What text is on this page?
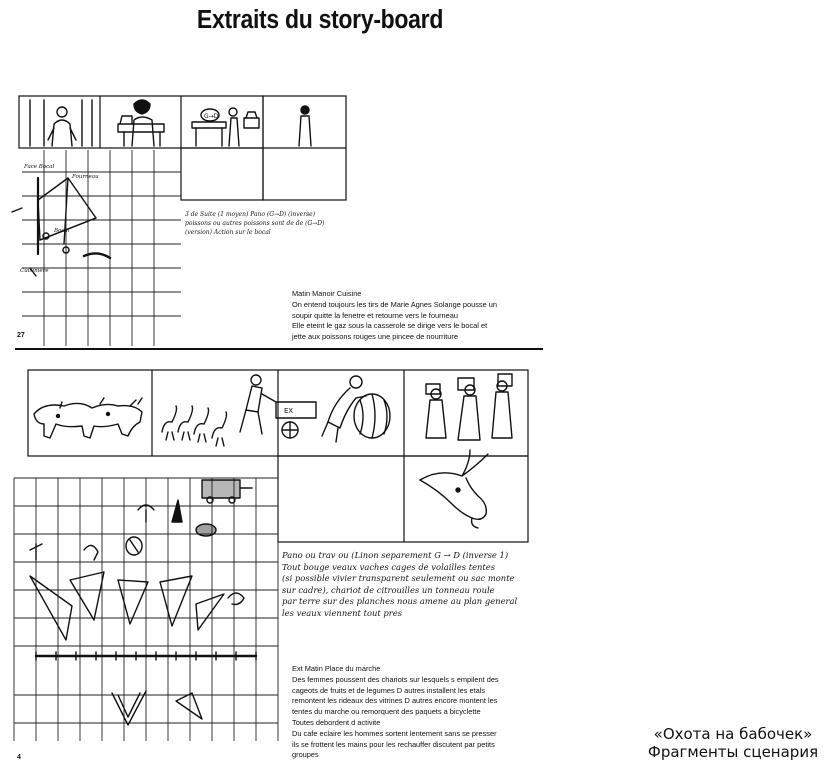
Extraits du story-board
G→D
Face Bocal
Fourneau
Bocal
Cuisiniere
3 de Suite (1 moyen) Pano (G→D) (inverse)
poissons ou autres poissons sont de de (G→D)
(version) Action sur le bocal
Matin Manoir Cuisine
On entend toujours les tirs de Marie Agnes Solange pousse un
soupir quitte la fenetre et retourne vers le fourneau
Elle eteint le gaz sous la casserole se dirige vers le bocal et
jette aux poissons rouges une pincee de nourriture
27
EX
Pano ou trav ou (Linon separement G → D (inverse 1)
Tout bouge veaux vaches cages de volailles tentes
(si possible vivier transparent seulement ou sac monte
sur cadre), chariot de citrouilles un tonneau roule
par terre sur des planches nous amene au plan general
les veaux viennent tout pres
Ext Matin Place du marche
Des femmes poussent des chariots sur lesquels s empilent des
cageots de fruits et de legumes D autres installent les etals
remontent les rideaux des vitrines D autres encore montent les
tentes du marche ou remorquent des paquets a bicyclette
Toutes debordent d activite
Du cafe eclaire les hommes sortent lentement sans se presser
ils se frottent les mains pour les rechauffer discutent par petits
groupes
4
«Охота на бабочек»
Фрагменты сценария
